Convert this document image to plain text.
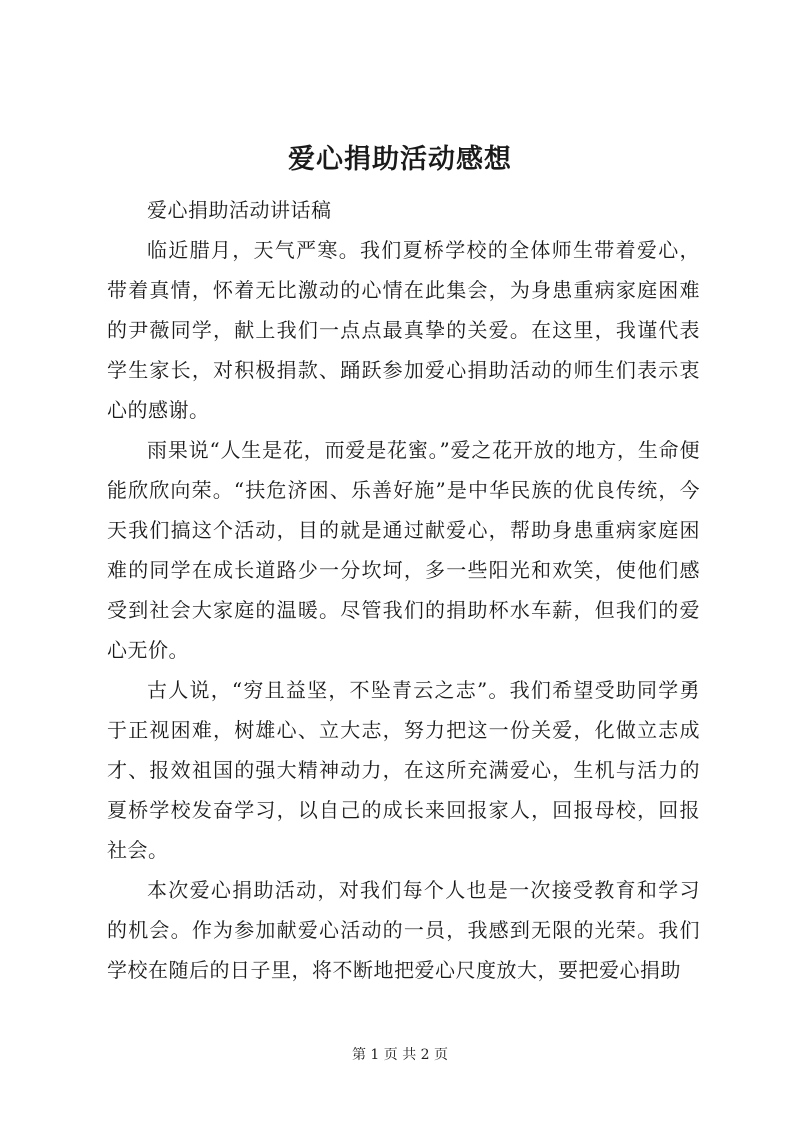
爱心捐助活动感想

爱心捐助活动讲话稿

临近腊月，天气严寒。我们夏桥学校的全体师生带着爱心，带着真情，怀着无比激动的心情在此集会，为身患重病家庭困难的尹薇同学，献上我们一点点最真挚的关爱。在这里，我谨代表学生家长，对积极捐款、踊跃参加爱心捐助活动的师生们表示衷心的感谢。

雨果说“人生是花，而爱是花蜜。”爱之花开放的地方，生命便能欣欣向荣。“扶危济困、乐善好施”是中华民族的优良传统，今天我们搞这个活动，目的就是通过献爱心，帮助身患重病家庭困难的同学在成长道路少一分坎坷，多一些阳光和欢笑，使他们感受到社会大家庭的温暖。尽管我们的捐助杯水车薪，但我们的爱心无价。

古人说，“穷且益坚，不坠青云之志”。我们希望受助同学勇于正视困难，树雄心、立大志，努力把这一份关爱，化做立志成才、报效祖国的强大精神动力，在这所充满爱心，生机与活力的夏桥学校发奋学习，以自己的成长来回报家人，回报母校，回报社会。

本次爱心捐助活动，对我们每个人也是一次接受教育和学习的机会。作为参加献爱心活动的一员，我感到无限的光荣。我们学校在随后的日子里，将不断地把爱心尺度放大，要把爱心捐助

第 1 页 共 2 页
